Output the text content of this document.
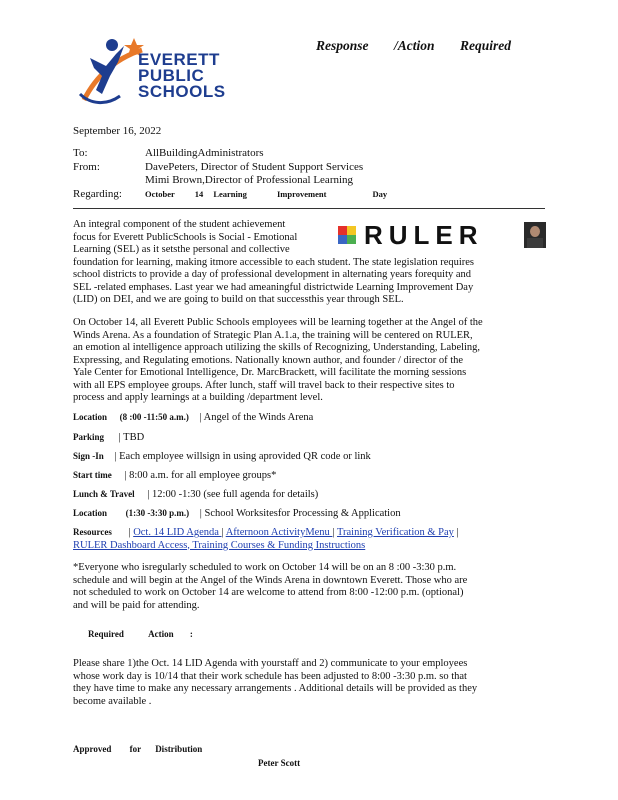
EVERETT
PUBLIC
SCHOOLS
Response /Action Required
September 16, 2022
To:	AllBuildingAdministrators
From:	DavePeters, Director of Student Support Services
Mimi Brown,Director of Professional Learning
Regarding:	October 14 Learning	Improvement	Day
RULER
An integral component of the student achievement
focus for Everett PublicSchools is Social - Emotional
Learning (SEL) as it setsthe personal and collective
foundation for learning, making itmore accessible to each student. The state legislation requires
school districts to provide a day of professional development in alternating years forequity and
SEL -related emphases. Last year we had ameaningful districtwide Learning Improvement Day
(LID) on DEI, and we are going to build on that successthis year through SEL.
On October 14, all Everett Public Schools employees will be learning together at the Angel of the
Winds Arena. As a foundation of Strategic Plan A.1.a, the training will be centered on RULER,
an emotion al intelligence approach utilizing the skills of Recognizing, Understanding, Labeling,
Expressing, and Regulating emotions. Nationally known author, and founder / director of the
Yale Center for Emotional Intelligence, Dr. MarcBrackett, will facilitate the morning sessions
with all EPS employee groups. After lunch, staff will travel back to their respective sites to
process and apply learnings at a building /department level.
Location (8 :00 -11:50 a.m.) | Angel of the Winds Arena
Parking | TBD
Sign -In | Each employee willsign in using aprovided QR code or link
Start time | 8:00 a.m. for all employee groups*
Lunch & Travel | 12:00 -1:30 (see full agenda for details)
Location (1:30 -3:30 p.m.) | School Worksitesfor Processing & Application
Resources | Oct. 14 LID Agenda | Afternoon ActivityMenu | Training Verification & Pay |
RULER Dashboard Access, Training Courses & Funding Instructions
*Everyone who isregularly scheduled to work on October 14 will be on an 8 :00 -3:30 p.m.
schedule and will begin at the Angel of the Winds Arena in downtown Everett. Those who are
not scheduled to work on October 14 are welcome to attend from 8:00 -12:00 p.m. (optional)
and will be paid for attending.
Required	Action :
Please share 1)the Oct. 14 LID Agenda with yourstaff and 2) communicate to your employees
whose work day is 10/14 that their work schedule has been adjusted to 8:00 -3:30 p.m. so that
they have time to make any necessary arrangements . Additional details will be provided as they
become available .
Approved for Distribution
Peter Scott
